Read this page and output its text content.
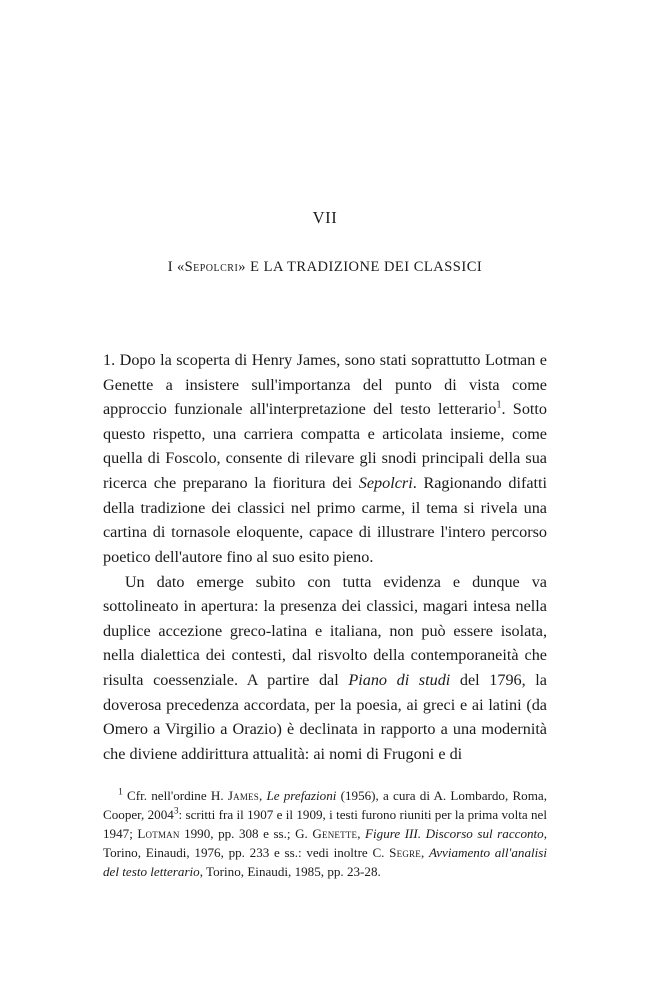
VII
I «Sepolcri» E LA TRADIZIONE DEI CLASSICI

1. Dopo la scoperta di Henry James, sono stati soprattutto Lotman e Genette a insistere sull'importanza del punto di vista come approccio funzionale all'interpretazione del testo letterario$^1$. Sotto questo rispetto, una carriera compatta e articolata insieme, come quella di Foscolo, consente di rilevare gli snodi principali della sua ricerca che preparano la fioritura dei Sepolcri. Ragionando difatti della tradizione dei classici nel primo carme, il tema si rivela una cartina di tornasole eloquente, capace di illustrare l'intero percorso poetico dell'autore fino al suo esito pieno.

Un dato emerge subito con tutta evidenza e dunque va sottolineato in apertura: la presenza dei classici, magari intesa nella duplice accezione greco-latina e italiana, non può essere isolata, nella dialettica dei contesti, dal risvolto della contemporaneità che risulta coessenziale. A partire dal Piano di studi del 1796, la doverosa precedenza accordata, per la poesia, ai greci e ai latini (da Omero a Virgilio a Orazio) è declinata in rapporto a una modernità che diviene addirittura attualità: ai nomi di Frugoni e di

$^1$ Cfr. nell'ordine H. James, Le prefazioni (1956), a cura di A. Lombardo, Roma, Cooper, 2004$^3$: scritti fra il 1907 e il 1909, i testi furono riuniti per la prima volta nel 1947; Lotman 1990, pp. 308 e ss.; G. Genette, Figure III. Discorso sul racconto, Torino, Einaudi, 1976, pp. 233 e ss.: vedi inoltre C. Segre, Avviamento all'analisi del testo letterario, Torino, Einaudi, 1985, pp. 23-28.
